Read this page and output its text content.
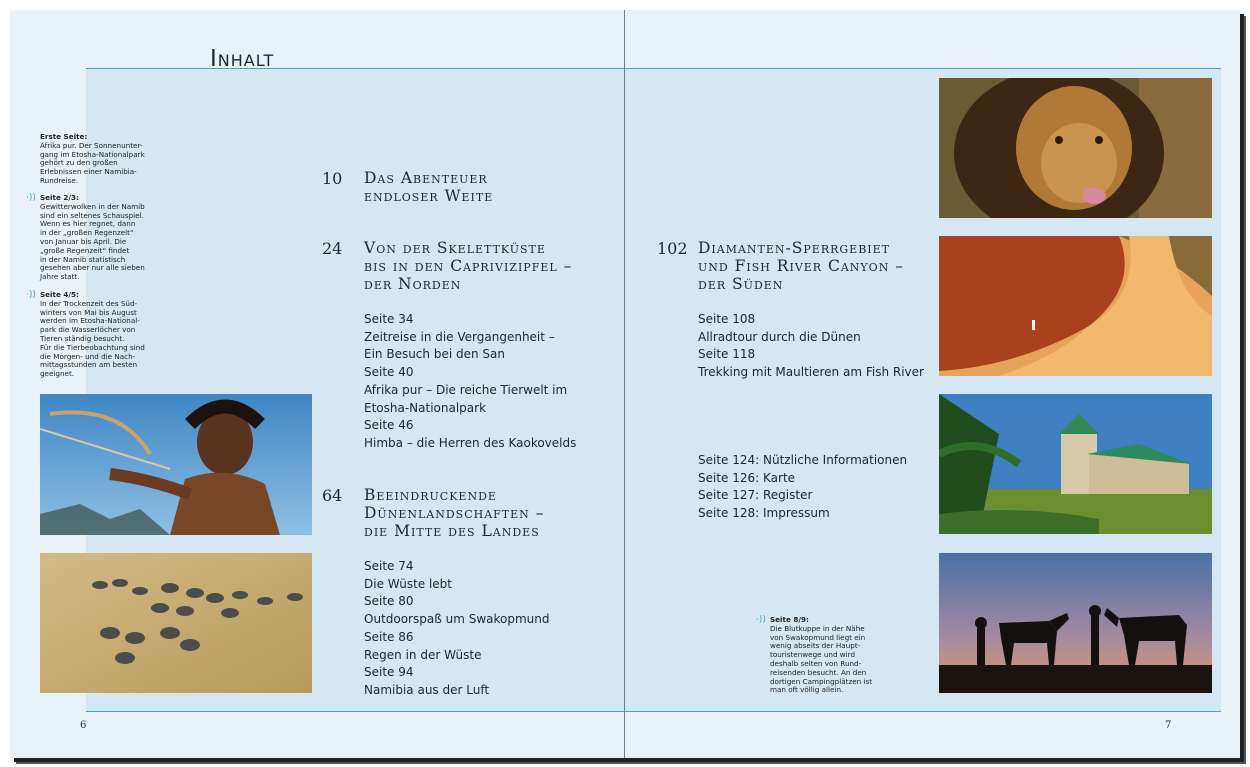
Inhalt
Erste Seite:
Afrika pur. Der Sonnenunter-
gang im Etosha-Nationalpark
gehört zu den großen
Erlebnissen einer Namibia-
Rundreise.
·)) Seite 2/3:
Gewitterwolken in der Namib
sind ein seltenes Schauspiel.
Wenn es hier regnet, dann
in der „großen Regenzeit“
von Januar bis April. Die
„große Regenzeit“ findet
in der Namib statistisch
gesehen aber nur alle sieben
Jahre statt.
·)) Seite 4/5:
In der Trockenzeit des Süd-
winters von Mai bis August
werden im Etosha-National-
park die Wasserlöcher von
Tieren ständig besucht.
Für die Tierbeobachtung sind
die Morgen- und die Nach-
mittagsstunden am besten
geeignet.
·)) Seite 8/9:
Die Blutkuppe in der Nähe
von Swakopmund liegt ein
wenig abseits der Haupt-
touristenwege und wird
deshalb selten von Rund-
reisenden besucht. An den
dortigen Campingplätzen ist
man oft völlig allein.
10 Das Abenteuer
endloser Weite
24 Von der Skelettküste
bis in den Caprivizipfel –
der Norden
Seite 34
Zeitreise in die Vergangenheit –
Ein Besuch bei den San
Seite 40
Afrika pur – Die reiche Tierwelt im
Etosha-Nationalpark
Seite 46
Himba – die Herren des Kaokovelds
64 Beeindruckende
Dünenlandschaften –
die Mitte des Landes
Seite 74
Die Wüste lebt
Seite 80
Outdoorspaß um Swakopmund
Seite 86
Regen in der Wüste
Seite 94
Namibia aus der Luft
102 Diamanten-Sperrgebiet
und Fish River Canyon –
der Süden
Seite 108
Allradtour durch die Dünen
Seite 118
Trekking mit Maultieren am Fish River
Seite 124: Nützliche Informationen
Seite 126: Karte
Seite 127: Register
Seite 128: Impressum
6	7
